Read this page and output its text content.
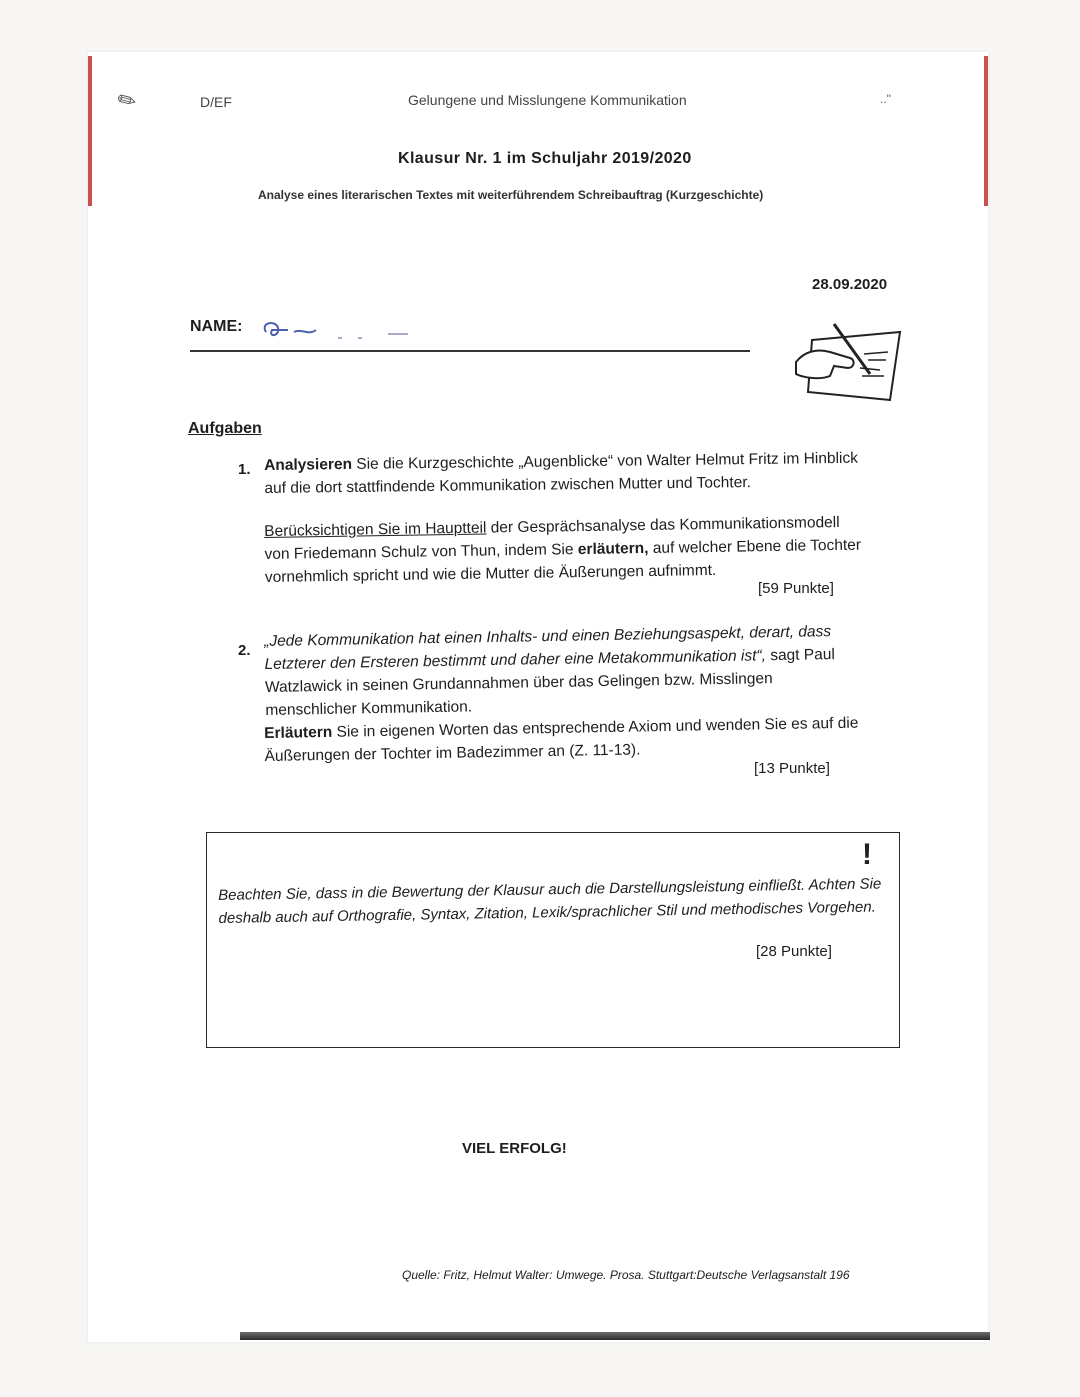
✎	D/EF	Gelungene und Misslungene Kommunikation	.."
Klausur Nr. 1 im Schuljahr 2019/2020
Analyse eines literarischen Textes mit weiterführendem Schreibauftrag (Kurzgeschichte)
28.09.2020
NAME:
Aufgaben
1. Analysieren Sie die Kurzgeschichte „Augenblicke“ von Walter Helmut Fritz im Hinblick auf die dort stattfindende Kommunikation zwischen Mutter und Tochter.
Berücksichtigen Sie im Hauptteil der Gesprächsanalyse das Kommunikationsmodell von Friedemann Schulz von Thun, indem Sie erläutern, auf welcher Ebene die Tochter vornehmlich spricht und wie die Mutter die Äußerungen aufnimmt.
[59 Punkte]
2.
„Jede Kommunikation hat einen Inhalts- und einen Beziehungsaspekt, derart, dass Letzterer den Ersteren bestimmt und daher eine Metakommunikation ist“, sagt Paul Watzlawick in seinen Grundannahmen über das Gelingen bzw. Misslingen menschlicher Kommunikation.
Erläutern Sie in eigenen Worten das entsprechende Axiom und wenden Sie es auf die Äußerungen der Tochter im Badezimmer an (Z. 11-13).
[13 Punkte]
!
Beachten Sie, dass in die Bewertung der Klausur auch die Darstellungsleistung einfließt. Achten Sie deshalb auch auf Orthografie, Syntax, Zitation, Lexik/sprachlicher Stil und methodisches Vorgehen.
[28 Punkte]
VIEL ERFOLG!
Quelle: Fritz, Helmut Walter: Umwege. Prosa. Stuttgart:Deutsche Verlagsanstalt 196
